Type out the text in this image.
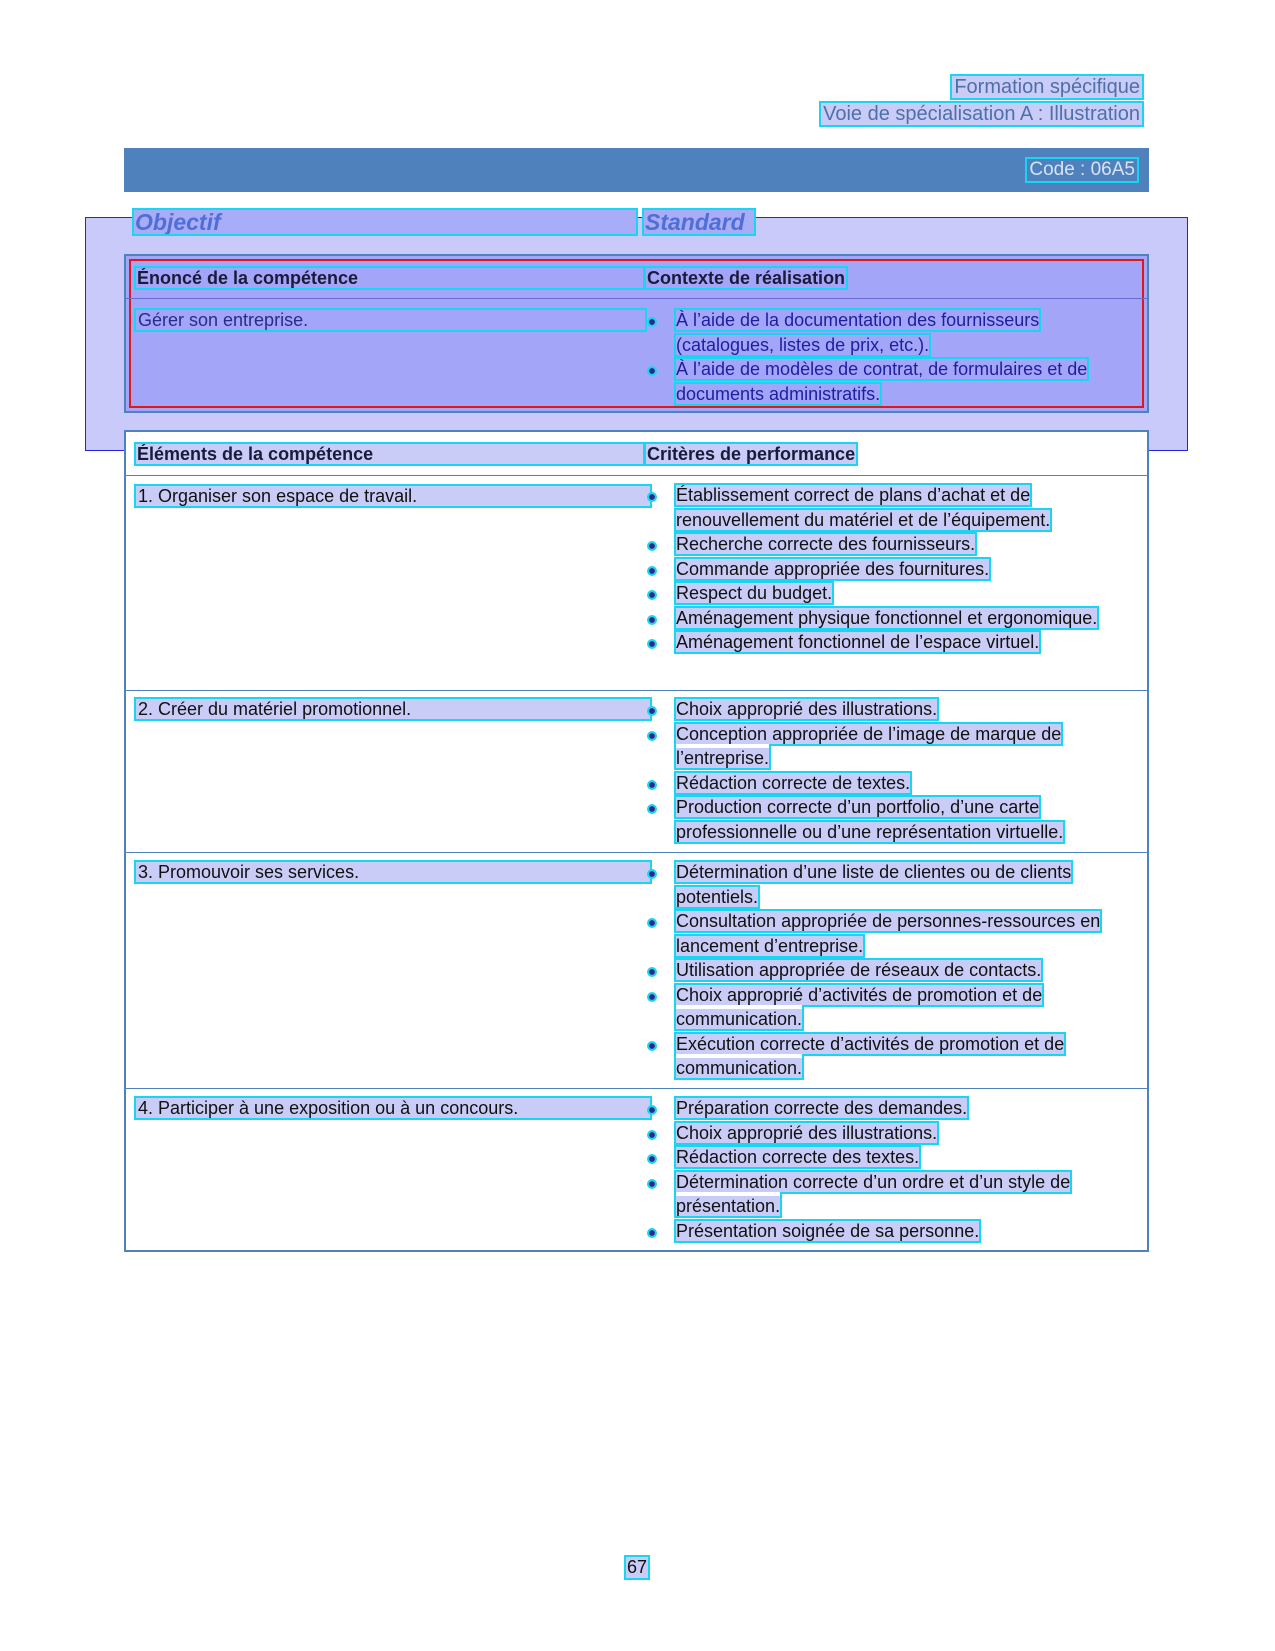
Formation spécifique
Voie de spécialisation A : Illustration
Code : 06A5
Objectif	Standard
Énoncé de la compétence	Contexte de réalisation
Gérer son entreprise.	À l’aide de la documentation des fournisseurs (catalogues, listes de prix, etc.).
À l’aide de modèles de contrat, de formulaires et de documents administratifs.
Éléments de la compétence	Critères de performance
1. Organiser son espace de travail.	Établissement correct de plans d’achat et de renouvellement du matériel et de l’équipement.
Recherche correcte des fournisseurs.
Commande appropriée des fournitures.
Respect du budget.
Aménagement physique fonctionnel et ergonomique.
Aménagement fonctionnel de l’espace virtuel.
2. Créer du matériel promotionnel.	Choix approprié des illustrations.
Conception appropriée de l’image de marque de l’entreprise.
Rédaction correcte de textes.
Production correcte d’un portfolio, d’une carte professionnelle ou d’une représentation virtuelle.
3. Promouvoir ses services.	Détermination d’une liste de clientes ou de clients potentiels.
Consultation appropriée de personnes-ressources en lancement d’entreprise.
Utilisation appropriée de réseaux de contacts.
Choix approprié d’activités de promotion et de communication.
Exécution correcte d’activités de promotion et de communication.
4. Participer à une exposition ou à un concours.	Préparation correcte des demandes.
Choix approprié des illustrations.
Rédaction correcte des textes.
Détermination correcte d’un ordre et d’un style de présentation.
Présentation soignée de sa personne.
67
